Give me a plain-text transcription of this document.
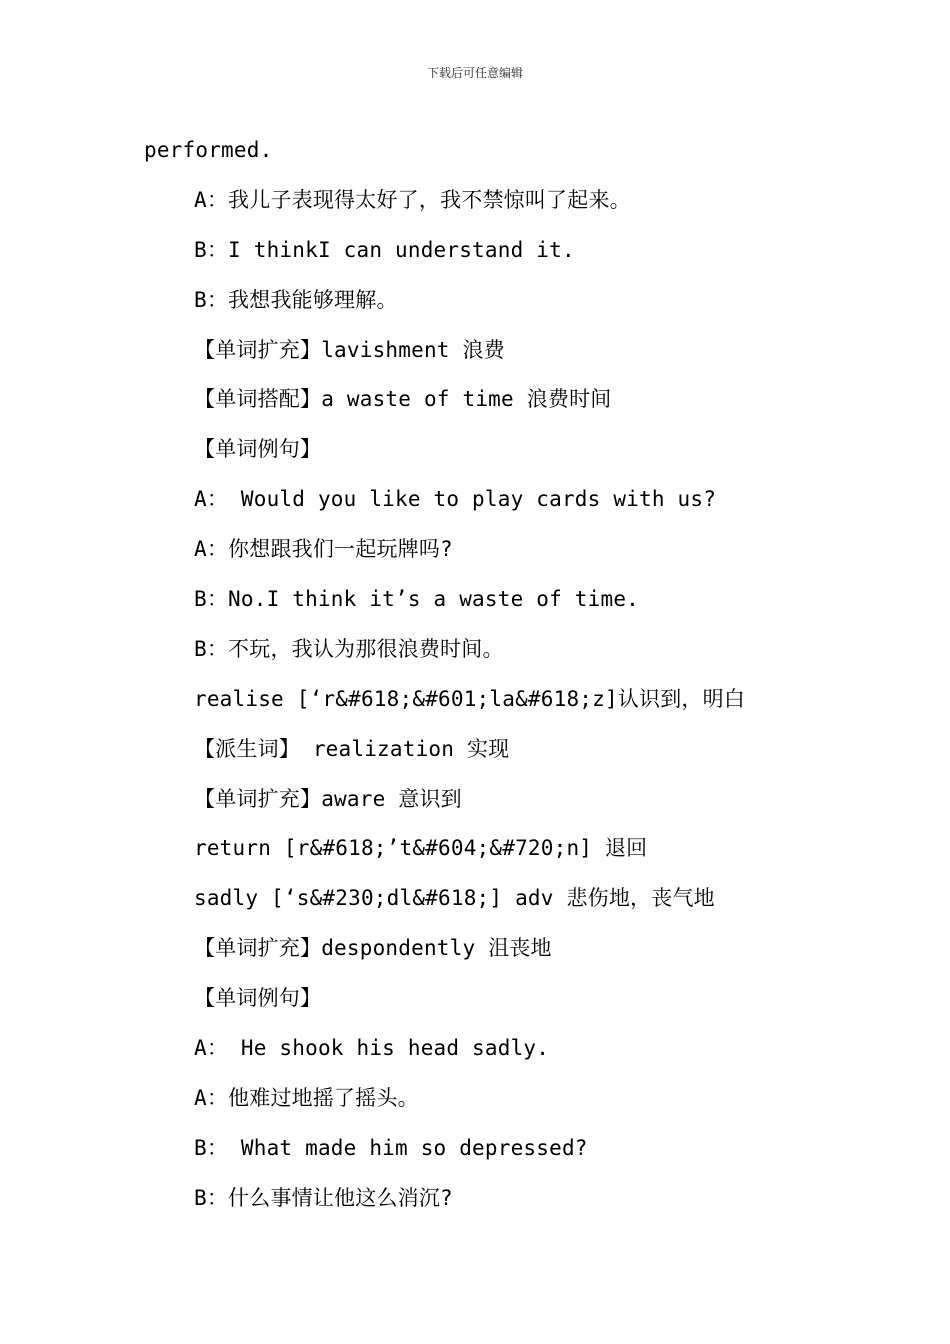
下载后可任意编辑
performed.
A：我儿子表现得太好了，我不禁惊叫了起来。
B：I thinkI can understand it.
B：我想我能够理解。
【单词扩充】lavishment 浪费
【单词搭配】a waste of time 浪费时间
【单词例句】
A： Would you like to play cards with us?
A：你想跟我们一起玩牌吗?
B：No.I think it’s a waste of time.
B：不玩，我认为那很浪费时间。
realise [‘r&#618;&#601;la&#618;z]认识到，明白
【派生词】 realization 实现
【单词扩充】aware 意识到
return [r&#618;’t&#604;&#720;n] 退回
sadly [‘s&#230;dl&#618;] adv 悲伤地，丧气地
【单词扩充】despondently 沮丧地
【单词例句】
A： He shook his head sadly.
A：他难过地摇了摇头。
B： What made him so depressed?
B：什么事情让他这么消沉?
